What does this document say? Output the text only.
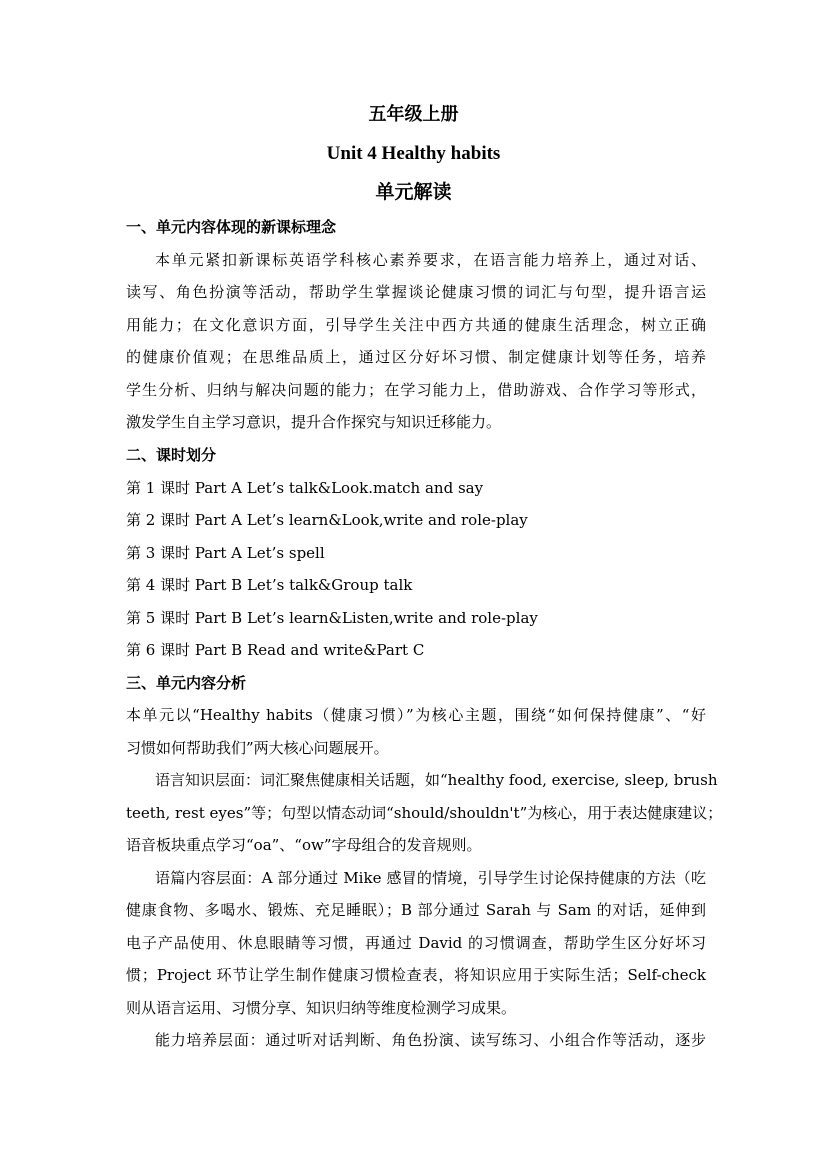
五年级上册
Unit 4 Healthy habits
单元解读
一、单元内容体现的新课标理念
本单元紧扣新课标英语学科核心素养要求，在语言能力培养上，通过对话、
读写、角色扮演等活动，帮助学生掌握谈论健康习惯的词汇与句型，提升语言运
用能力；在文化意识方面，引导学生关注中西方共通的健康生活理念，树立正确
的健康价值观；在思维品质上，通过区分好坏习惯、制定健康计划等任务，培养
学生分析、归纳与解决问题的能力；在学习能力上，借助游戏、合作学习等形式，
激发学生自主学习意识，提升合作探究与知识迁移能力。
二、课时划分
第 1 课时 Part A Let’s talk&Look.match and say
第 2 课时 Part A Let’s learn&Look,write and role-play
第 3 课时 Part A Let’s spell
第 4 课时 Part B Let’s talk&Group talk
第 5 课时 Part B Let’s learn&Listen,write and role-play
第 6 课时 Part B Read and write&Part C
三、单元内容分析
本单元以“Healthy habits（健康习惯）”为核心主题，围绕“如何保持健康”、“好
习惯如何帮助我们”两大核心问题展开。
语言知识层面：词汇聚焦健康相关话题，如“healthy food, exercise, sleep, brush
teeth, rest eyes”等；句型以情态动词“should/shouldn't”为核心，用于表达健康建议；
语音板块重点学习“oa”、“ow”字母组合的发音规则。
语篇内容层面：A 部分通过 Mike 感冒的情境，引导学生讨论保持健康的方法（吃
健康食物、多喝水、锻炼、充足睡眠）；B 部分通过 Sarah 与 Sam 的对话，延伸到
电子产品使用、休息眼睛等习惯，再通过 David 的习惯调查，帮助学生区分好坏习
惯；Project 环节让学生制作健康习惯检查表，将知识应用于实际生活；Self-check
则从语言运用、习惯分享、知识归纳等维度检测学习成果。
能力培养层面：通过听对话判断、角色扮演、读写练习、小组合作等活动，逐步
